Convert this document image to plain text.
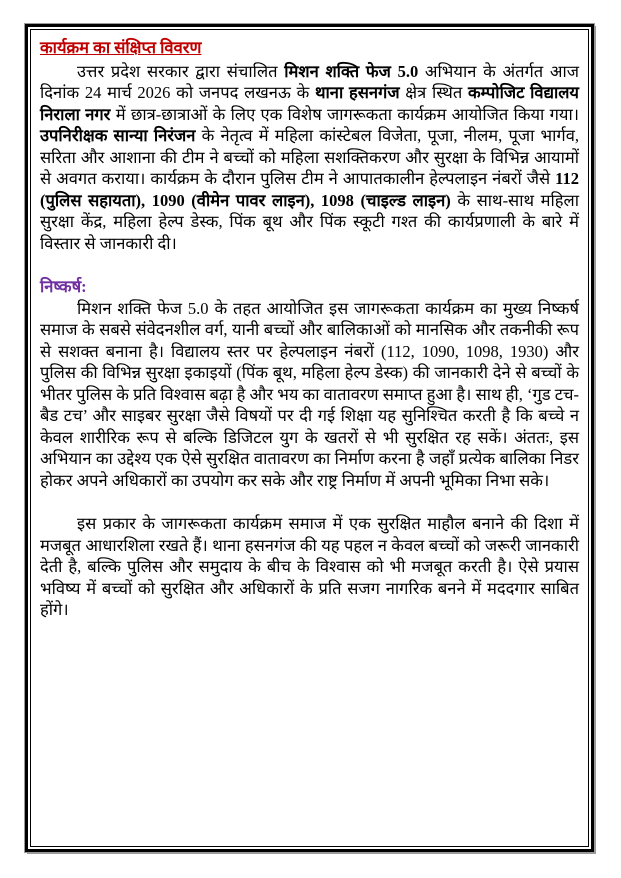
कार्यक्रम का संक्षिप्त विवरण

उत्तर प्रदेश सरकार द्वारा संचालित मिशन शक्ति फेज 5.0 अभियान के अंतर्गत आज दिनांक 24 मार्च 2026 को जनपद लखनऊ के थाना हसनगंज क्षेत्र स्थित कम्पोजिट विद्यालय निराला नगर में छात्र-छात्राओं के लिए एक विशेष जागरूकता कार्यक्रम आयोजित किया गया। उपनिरीक्षक सान्या निरंजन के नेतृत्व में महिला कांस्टेबल विजेता, पूजा, नीलम, पूजा भार्गव, सरिता और आशाना की टीम ने बच्चों को महिला सशक्तिकरण और सुरक्षा के विभिन्न आयामों से अवगत कराया। कार्यक्रम के दौरान पुलिस टीम ने आपातकालीन हेल्पलाइन नंबरों जैसे 112 (पुलिस सहायता), 1090 (वीमेन पावर लाइन), 1098 (चाइल्ड लाइन) के साथ-साथ महिला सुरक्षा केंद्र, महिला हेल्प डेस्क, पिंक बूथ और पिंक स्कूटी गश्त की कार्यप्रणाली के बारे में विस्तार से जानकारी दी।

निष्कर्ष:

मिशन शक्ति फेज 5.0 के तहत आयोजित इस जागरूकता कार्यक्रम का मुख्य निष्कर्ष समाज के सबसे संवेदनशील वर्ग, यानी बच्चों और बालिकाओं को मानसिक और तकनीकी रूप से सशक्त बनाना है। विद्यालय स्तर पर हेल्पलाइन नंबरों (112, 1090, 1098, 1930) और पुलिस की विभिन्न सुरक्षा इकाइयों (पिंक बूथ, महिला हेल्प डेस्क) की जानकारी देने से बच्चों के भीतर पुलिस के प्रति विश्वास बढ़ा है और भय का वातावरण समाप्त हुआ है। साथ ही, ‘गुड टच-बैड टच’ और साइबर सुरक्षा जैसे विषयों पर दी गई शिक्षा यह सुनिश्चित करती है कि बच्चे न केवल शारीरिक रूप से बल्कि डिजिटल युग के खतरों से भी सुरक्षित रह सकें। अंततः, इस अभियान का उद्देश्य एक ऐसे सुरक्षित वातावरण का निर्माण करना है जहाँ प्रत्येक बालिका निडर होकर अपने अधिकारों का उपयोग कर सके और राष्ट्र निर्माण में अपनी भूमिका निभा सके।

इस प्रकार के जागरूकता कार्यक्रम समाज में एक सुरक्षित माहौल बनाने की दिशा में मजबूत आधारशिला रखते हैं। थाना हसनगंज की यह पहल न केवल बच्चों को जरूरी जानकारी देती है, बल्कि पुलिस और समुदाय के बीच के विश्वास को भी मजबूत करती है। ऐसे प्रयास भविष्य में बच्चों को सुरक्षित और अधिकारों के प्रति सजग नागरिक बनने में मददगार साबित होंगे।
